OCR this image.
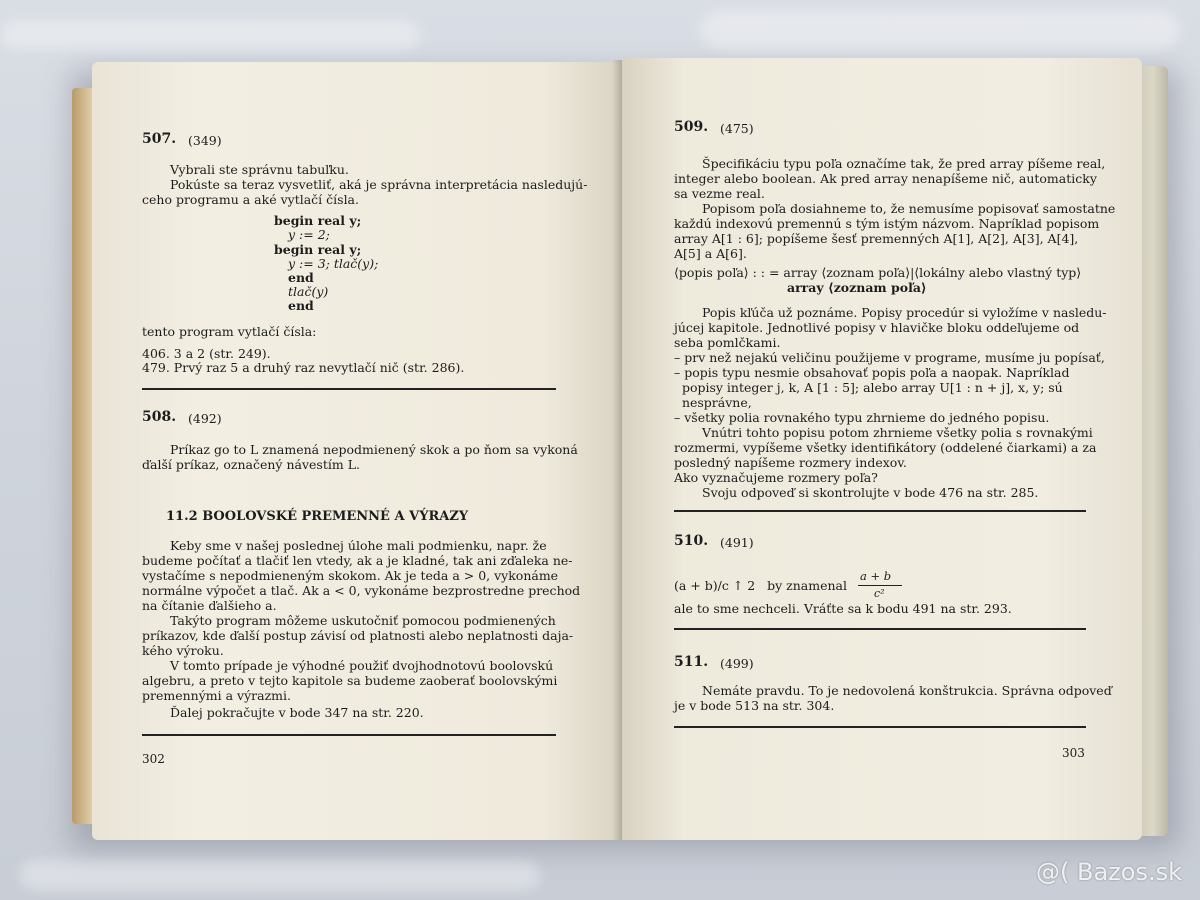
507. (349)
Vybrali ste správnu tabuľku.
Pokúste sa teraz vysvetliť, aká je správna interpretácia nasledujú-
ceho programu a aké vytlačí čísla.
begin real y;
y := 2;
begin real y;
y := 3; tlač(y);
end
tlač(y)
end
tento program vytlačí čísla:
406. 3 a 2 (str. 249).
479. Prvý raz 5 a druhý raz nevytlačí nič (str. 286).
508. (492)
Príkaz go to L znamená nepodmienený skok a po ňom sa vykoná
ďalší príkaz, označený návestím L.
11.2 BOOLOVSKÉ PREMENNÉ A VÝRAZY
Keby sme v našej poslednej úlohe mali podmienku, napr. že
budeme počítať a tlačiť len vtedy, ak a je kladné, tak ani zďaleka ne-
vystačíme s nepodmieneným skokom. Ak je teda a > 0, vykonáme
normálne výpočet a tlač. Ak a < 0, vykonáme bezprostredne prechod
na čítanie ďalšieho a.
Takýto program môžeme uskutočniť pomocou podmienených
príkazov, kde ďalší postup závisí od platnosti alebo neplatnosti daja-
kého výroku.
V tomto prípade je výhodné použiť dvojhodnotovú boolovskú
algebru, a preto v tejto kapitole sa budeme zaoberať boolovskými
premennými a výrazmi.
Ďalej pokračujte v bode 347 na str. 220.
302
509. (475)
Špecifikáciu typu poľa označíme tak, že pred array píšeme real,
integer alebo boolean. Ak pred array nenapíšeme nič, automaticky
sa vezme real.
Popisom poľa dosiahneme to, že nemusíme popisovať samostatne
každú indexovú premennú s tým istým názvom. Napríklad popisom
array A[1 : 6]; popíšeme šesť premenných A[1], A[2], A[3], A[4],
A[5] a A[6].
⟨popis poľa⟩ : : = array ⟨zoznam poľa⟩|⟨lokálny alebo vlastný typ⟩
array ⟨zoznam poľa⟩
Popis kľúča už poznáme. Popisy procedúr si vyložíme v nasledu-
júcej kapitole. Jednotlivé popisy v hlavičke bloku oddeľujeme od
seba pomlčkami.
– prv než nejakú veličinu použijeme v programe, musíme ju popísať,
– popis typu nesmie obsahovať popis poľa a naopak. Napríklad
popisy integer j, k, A [1 : 5]; alebo array U[1 : n + j], x, y; sú
nesprávne,
– všetky polia rovnakého typu zhrnieme do jedného popisu.
Vnútri tohto popisu potom zhrnieme všetky polia s rovnakými
rozmermi, vypíšeme všetky identifikátory (oddelené čiarkami) a za
posledný napíšeme rozmery indexov.
Ako vyznačujeme rozmery poľa?
Svoju odpoveď si skontrolujte v bode 476 na str. 285.
510. (491)
(a + b)/c ↑ 2   by znamenal
a + b
c²
ale to sme nechceli. Vráťte sa k bodu 491 na str. 293.
511. (499)
Nemáte pravdu. To je nedovolená konštrukcia. Správna odpoveď
je v bode 513 na str. 304.
303
@( Bazos.sk
